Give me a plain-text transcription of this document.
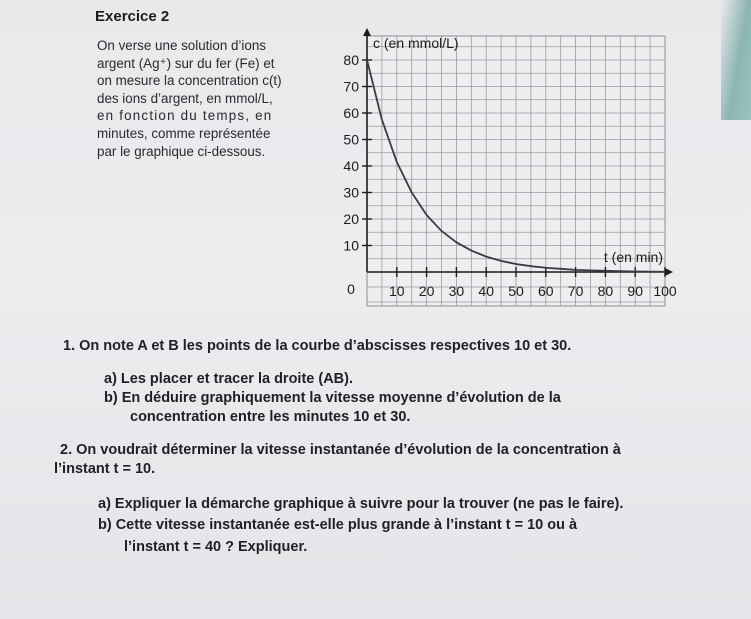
Exercice 2
On verse une solution d’ions
argent (Ag⁺) sur du fer (Fe) et
on mesure la concentration c(t)
des ions d’argent, en mmol/L,
en fonction du temps, en
minutes, comme représentée
par le graphique ci-dessous.
10
20
30
40
50
60
70
80
10 20 30 40 50 60 70 80 90 100
0
c (en mmol/L)
t (en min)
1. On note A et B les points de la courbe d’abscisses respectives 10 et 30.
a) Les placer et tracer la droite (AB).
b) En déduire graphiquement la vitesse moyenne d’évolution de la
concentration entre les minutes 10 et 30.
2. On voudrait déterminer la vitesse instantanée d’évolution de la concentration à
l’instant t = 10.
a) Expliquer la démarche graphique à suivre pour la trouver (ne pas le faire).
b) Cette vitesse instantanée est-elle plus grande à l’instant t = 10 ou à
l’instant t = 40 ? Expliquer.
